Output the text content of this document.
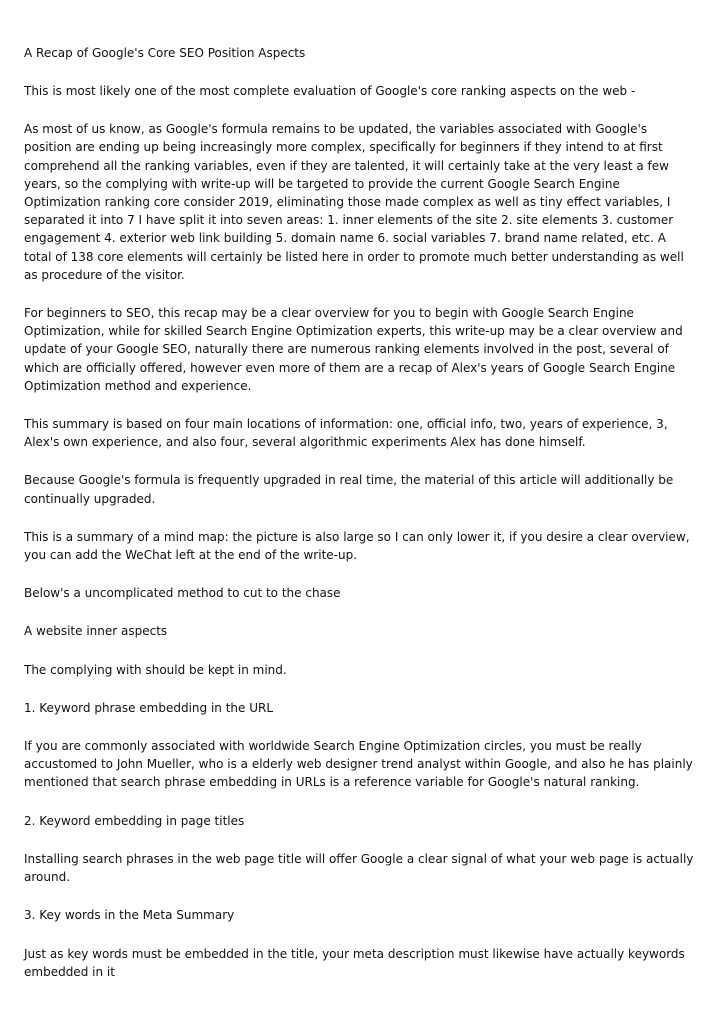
A Recap of Google's Core SEO Position Aspects

This is most likely one of the most complete evaluation of Google's core ranking aspects on the web -

As most of us know, as Google's formula remains to be updated, the variables associated with Google's position are ending up being increasingly more complex, specifically for beginners if they intend to at first comprehend all the ranking variables, even if they are talented, it will certainly take at the very least a few years, so the complying with write-up will be targeted to provide the current Google Search Engine Optimization ranking core consider 2019, eliminating those made complex as well as tiny effect variables, I separated it into 7 I have split it into seven areas: 1. inner elements of the site 2. site elements 3. customer engagement 4. exterior web link building 5. domain name 6. social variables 7. brand name related, etc. A total of 138 core elements will certainly be listed here in order to promote much better understanding as well as procedure of the visitor.

For beginners to SEO, this recap may be a clear overview for you to begin with Google Search Engine Optimization, while for skilled Search Engine Optimization experts, this write-up may be a clear overview and update of your Google SEO, naturally there are numerous ranking elements involved in the post, several of which are officially offered, however even more of them are a recap of Alex's years of Google Search Engine Optimization method and experience.

This summary is based on four main locations of information: one, official info, two, years of experience, 3, Alex's own experience, and also four, several algorithmic experiments Alex has done himself.

Because Google's formula is frequently upgraded in real time, the material of this article will additionally be continually upgraded.

This is a summary of a mind map: the picture is also large so I can only lower it, if you desire a clear overview, you can add the WeChat left at the end of the write-up.

Below's a uncomplicated method to cut to the chase

A website inner aspects

The complying with should be kept in mind.

1. Keyword phrase embedding in the URL

If you are commonly associated with worldwide Search Engine Optimization circles, you must be really accustomed to John Mueller, who is a elderly web designer trend analyst within Google, and also he has plainly mentioned that search phrase embedding in URLs is a reference variable for Google's natural ranking.

2. Keyword embedding in page titles

Installing search phrases in the web page title will offer Google a clear signal of what your web page is actually around.

3. Key words in the Meta Summary

Just as key words must be embedded in the title, your meta description must likewise have actually keywords embedded in it
